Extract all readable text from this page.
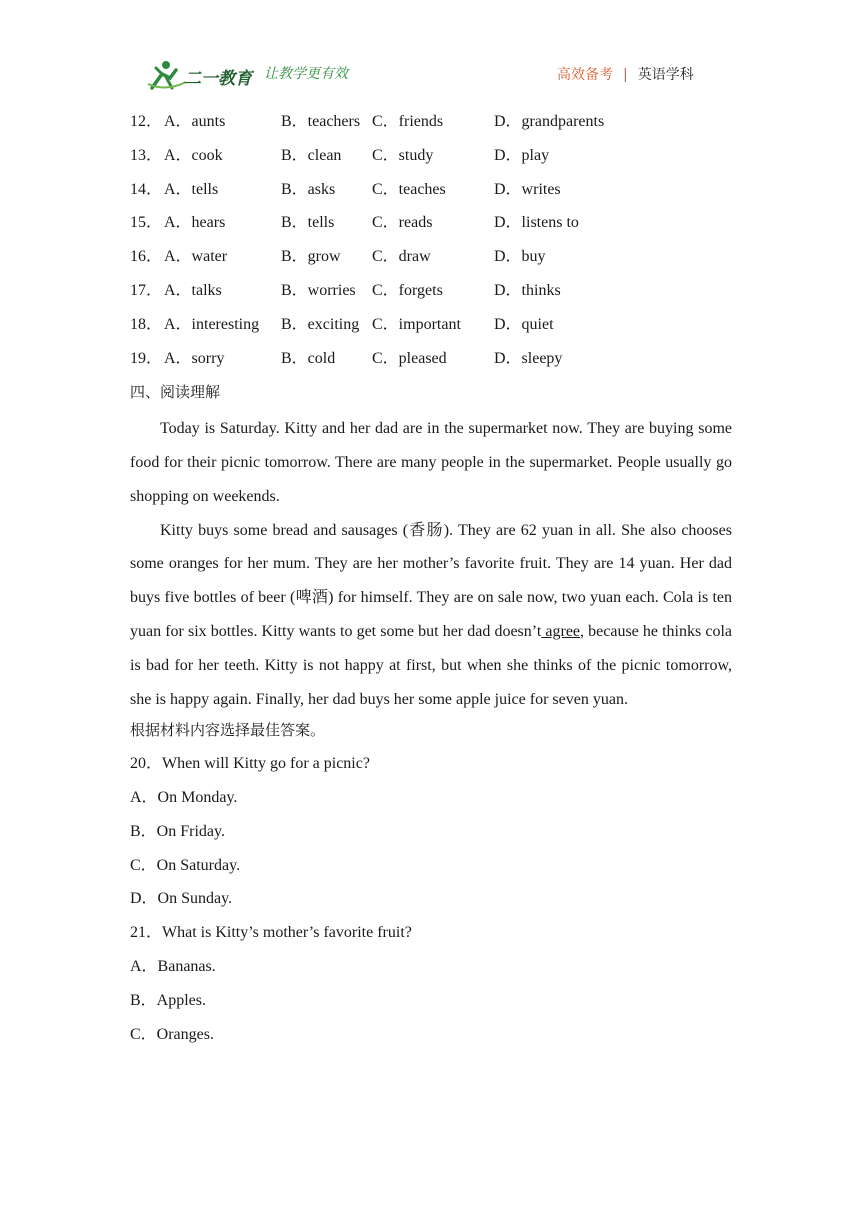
二一教育 让教学更有效	高效备考 | 英语学科
12． A．aunts	B．teachers C．friends	D．grandparents
13． A．cook	B．clean C．study	D．play
14． A．tells	B．asks C．teaches	D．writes
15． A．hears	B．tells C．reads	D．listens to
16． A．water	B．grow C．draw	D．buy
17． A．talks	B．worries C．forgets	D．thinks
18． A．interesting B．exciting C．important D．quiet
19． A．sorry	B．cold C．pleased	D．sleepy
四、阅读理解

Today is Saturday. Kitty and her dad are in the supermarket now. They are buying some food for their picnic tomorrow. There are many people in the supermarket. People usually go shopping on weekends.

Kitty buys some bread and sausages (香肠). They are 62 yuan in all. She also chooses some oranges for her mum. They are her mother’s favorite fruit. They are 14 yuan. Her dad buys five bottles of beer (啤酒) for himself. They are on sale now, two yuan each. Cola is ten yuan for six bottles. Kitty wants to get some but her dad doesn’t agree, because he thinks cola is bad for her teeth. Kitty is not happy at first, but when she thinks of the picnic tomorrow, she is happy again. Finally, her dad buys her some apple juice for seven yuan.

根据材料内容选择最佳答案。
20．When will Kitty go for a picnic?
A．On Monday.
B．On Friday.
C．On Saturday.
D．On Sunday.
21．What is Kitty’s mother’s favorite fruit?
A．Bananas.
B．Apples.
C．Oranges.
